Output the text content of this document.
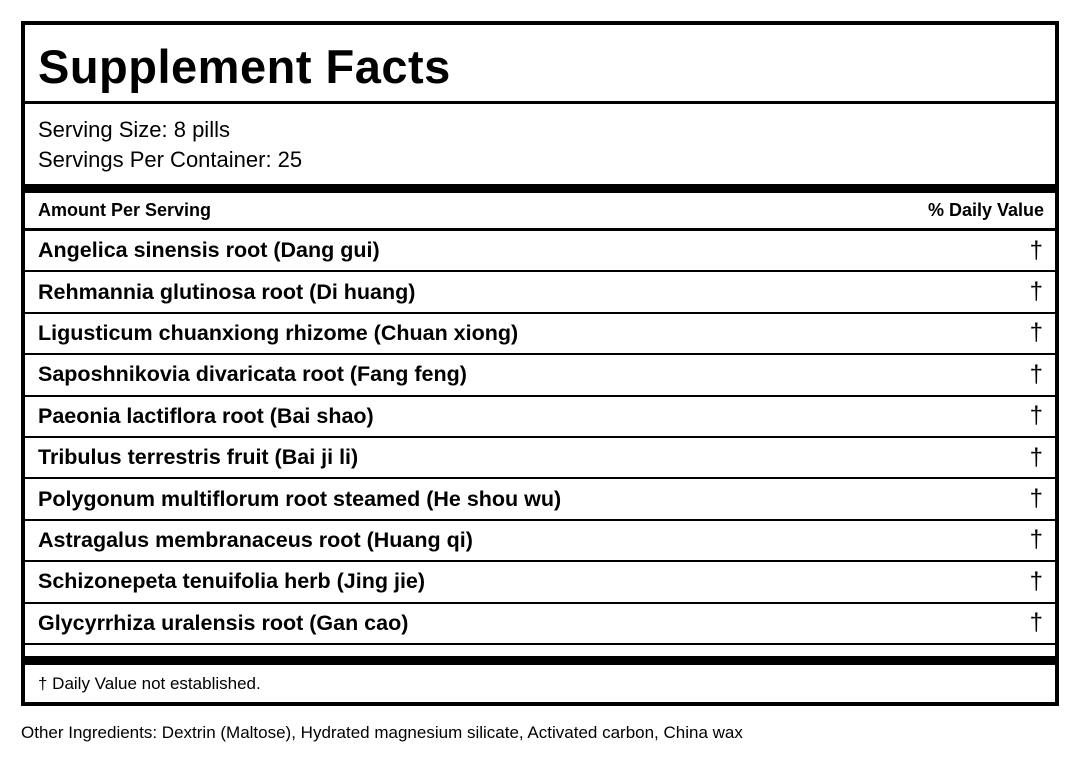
Supplement Facts
Serving Size: 8 pills
Servings Per Container: 25
Amount Per Serving	% Daily Value
Angelica sinensis root (Dang gui)	†
Rehmannia glutinosa root (Di huang)	†
Ligusticum chuanxiong rhizome (Chuan xiong)	†
Saposhnikovia divaricata root (Fang feng)	†
Paeonia lactiflora root (Bai shao)	†
Tribulus terrestris fruit (Bai ji li)	†
Polygonum multiflorum root steamed (He shou wu)	†
Astragalus membranaceus root (Huang qi)	†
Schizonepeta tenuifolia herb (Jing jie)	†
Glycyrrhiza uralensis root (Gan cao)	†
† Daily Value not established.
Other Ingredients: Dextrin (Maltose), Hydrated magnesium silicate, Activated carbon, China wax
